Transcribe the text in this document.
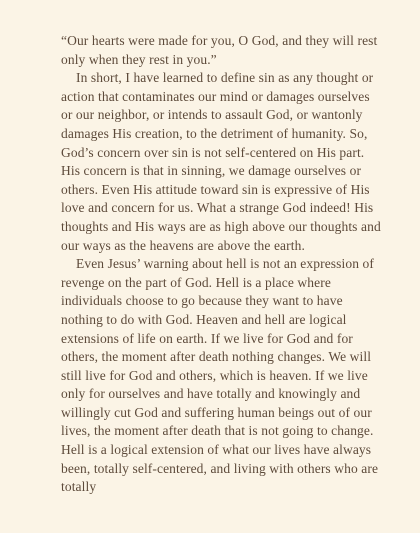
“Our hearts were made for you, O God, and they will rest only when they rest in you.”

In short, I have learned to define sin as any thought or action that contaminates our mind or damages ourselves or our neighbor, or intends to assault God, or wantonly damages His creation, to the detriment of humanity. So, God’s concern over sin is not self-centered on His part. His concern is that in sinning, we damage ourselves or others. Even His attitude toward sin is expressive of His love and concern for us. What a strange God indeed! His thoughts and His ways are as high above our thoughts and our ways as the heavens are above the earth.

Even Jesus’ warning about hell is not an expression of revenge on the part of God. Hell is a place where individuals choose to go because they want to have nothing to do with God. Heaven and hell are logical extensions of life on earth. If we live for God and for others, the moment after death nothing changes. We will still live for God and others, which is heaven. If we live only for ourselves and have totally and knowingly and willingly cut God and suffering human beings out of our lives, the moment after death that is not going to change. Hell is a logical extension of what our lives have always been, totally self-centered, and living with others who are totally
